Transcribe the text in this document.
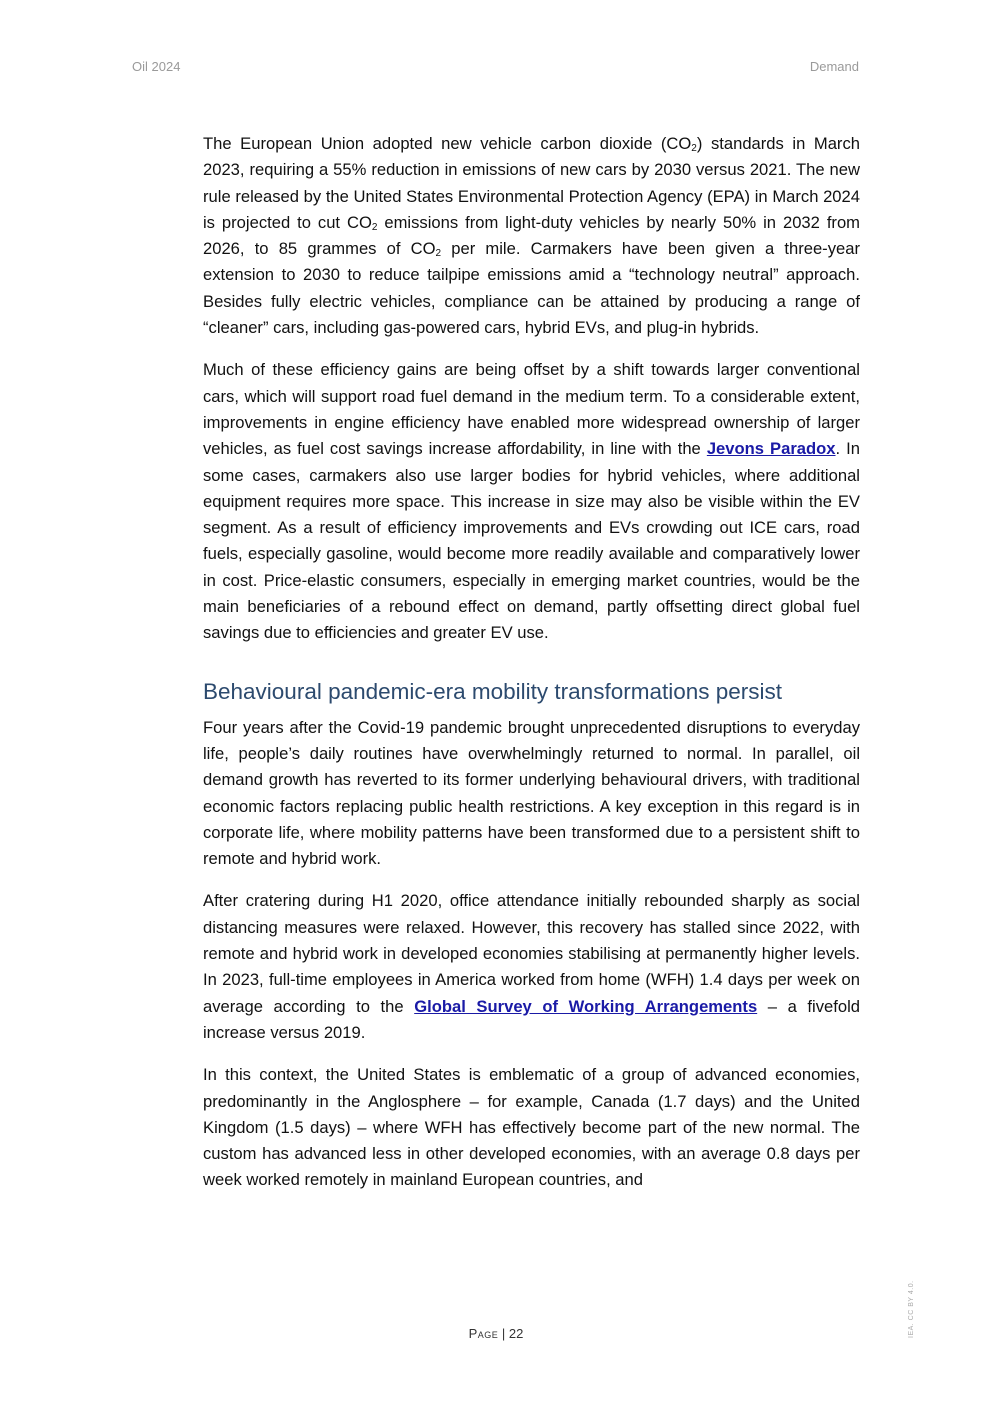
Oil 2024	Demand

The European Union adopted new vehicle carbon dioxide $(CO_2)$ standards in March 2023, requiring a 55% reduction in emissions of new cars by 2030 versus 2021. The new rule released by the United States Environmental Protection Agency (EPA) in March 2024 is projected to cut $CO_2$ emissions from light-duty vehicles by nearly 50% in 2032 from 2026, to 85 grammes of $CO_2$ per mile. Carmakers have been given a three-year extension to 2030 to reduce tailpipe emissions amid a “technology neutral” approach. Besides fully electric vehicles, compliance can be attained by producing a range of “cleaner” cars, including gas-powered cars, hybrid EVs, and plug-in hybrids.

Much of these efficiency gains are being offset by a shift towards larger conventional cars, which will support road fuel demand in the medium term. To a considerable extent, improvements in engine efficiency have enabled more widespread ownership of larger vehicles, as fuel cost savings increase affordability, in line with the Jevons Paradox. In some cases, carmakers also use larger bodies for hybrid vehicles, where additional equipment requires more space. This increase in size may also be visible within the EV segment. As a result of efficiency improvements and EVs crowding out ICE cars, road fuels, especially gasoline, would become more readily available and comparatively lower in cost. Price-elastic consumers, especially in emerging market countries, would be the main beneficiaries of a rebound effect on demand, partly offsetting direct global fuel savings due to efficiencies and greater EV use.

Behavioural pandemic-era mobility transformations persist

Four years after the Covid-19 pandemic brought unprecedented disruptions to everyday life, people’s daily routines have overwhelmingly returned to normal. In parallel, oil demand growth has reverted to its former underlying behavioural drivers, with traditional economic factors replacing public health restrictions. A key exception in this regard is in corporate life, where mobility patterns have been transformed due to a persistent shift to remote and hybrid work.

After cratering during H1 2020, office attendance initially rebounded sharply as social distancing measures were relaxed. However, this recovery has stalled since 2022, with remote and hybrid work in developed economies stabilising at permanently higher levels. In 2023, full-time employees in America worked from home (WFH) 1.4 days per week on average according to the Global Survey of Working Arrangements – a fivefold increase versus 2019.

In this context, the United States is emblematic of a group of advanced economies, predominantly in the Anglosphere – for example, Canada (1.7 days) and the United Kingdom (1.5 days) – where WFH has effectively become part of the new normal. The custom has advanced less in other developed economies, with an average 0.8 days per week worked remotely in mainland European countries, and

IEA. CC BY 4.0.
Page | 22
